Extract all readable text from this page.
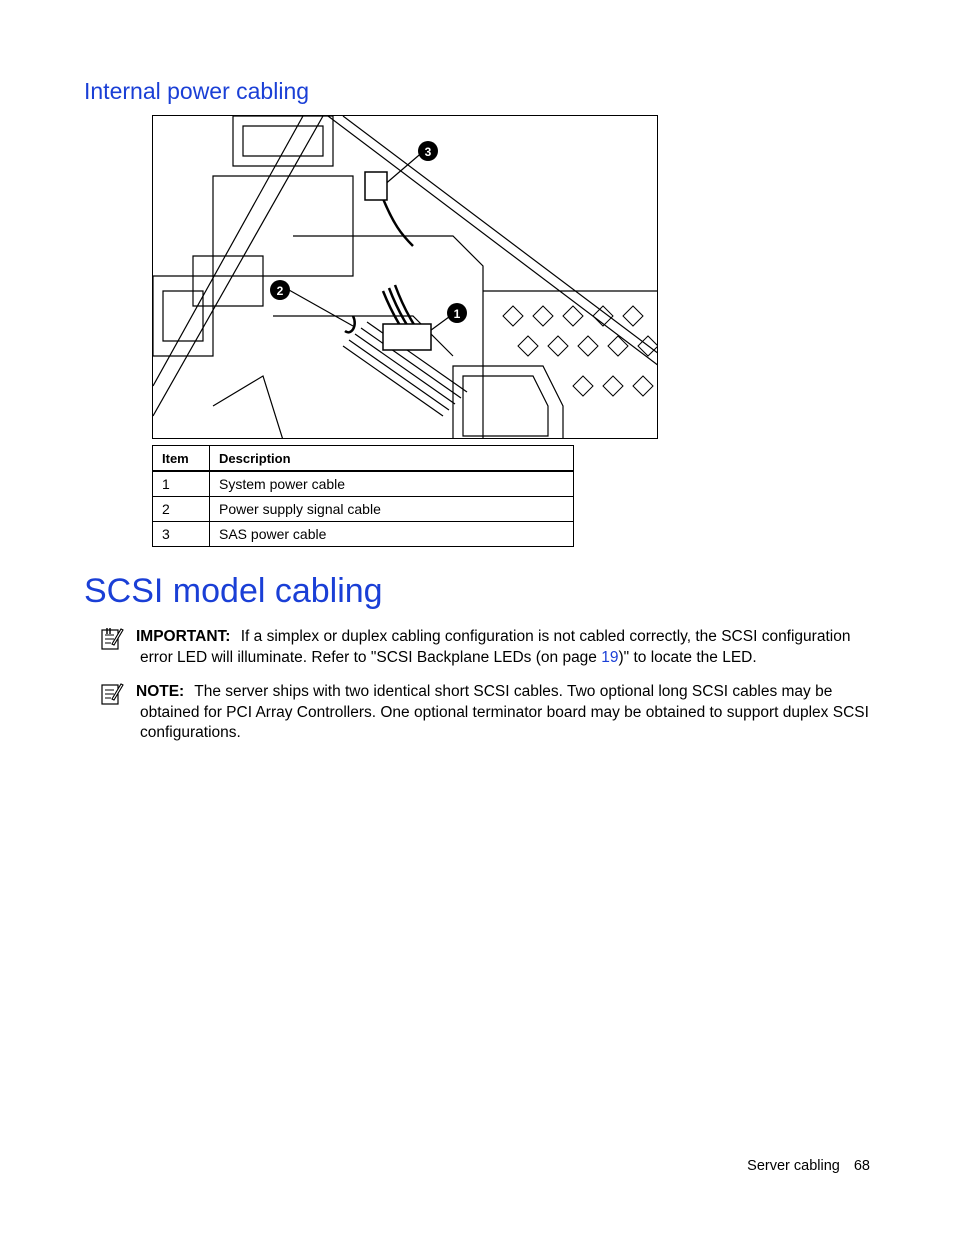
Internal power cabling
3
2
1
Item	Description
1	System power cable
2	Power supply signal cable
3	SAS power cable
SCSI model cabling
IMPORTANT: If a simplex or duplex cabling configuration is not cabled correctly, the SCSI configuration error LED will illuminate. Refer to "SCSI Backplane LEDs (on page 19)" to locate the LED.
NOTE: The server ships with two identical short SCSI cables. Two optional long SCSI cables may be obtained for PCI Array Controllers. One optional terminator board may be obtained to support duplex SCSI configurations.
Server cabling 68
